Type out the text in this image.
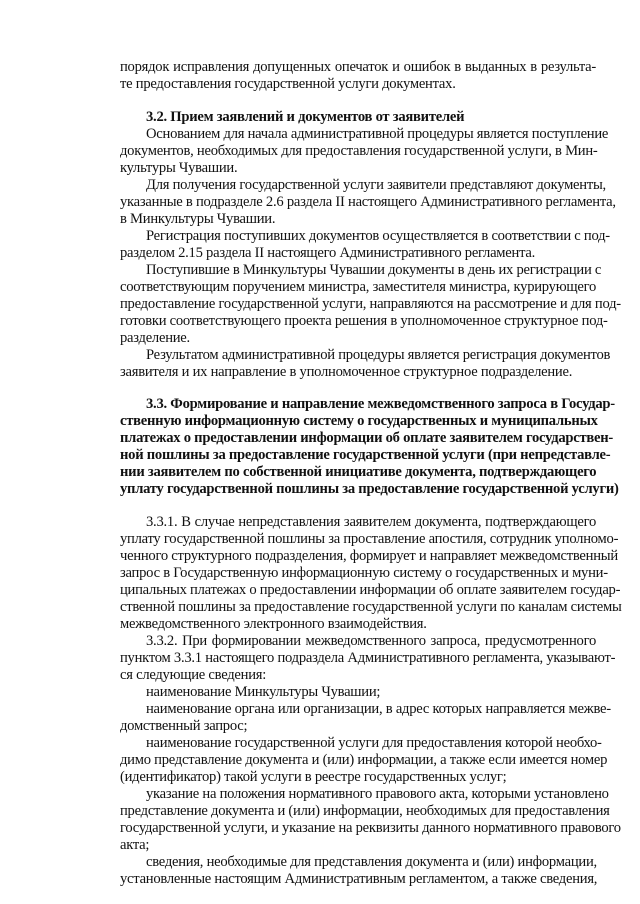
порядок исправления допущенных опечаток и ошибок в выданных в результа-
те предоставления государственной услуги документах.
3.2. Прием заявлений и документов от заявителей
Основанием для начала административной процедуры является поступление
документов, необходимых для предоставления государственной услуги, в Мин-
культуры Чувашии.
Для получения государственной услуги заявители представляют документы,
указанные в подразделе 2.6 раздела II настоящего Административного регламента,
в Минкультуры Чувашии.
Регистрация поступивших документов осуществляется в соответствии с под-
разделом 2.15 раздела II настоящего Административного регламента.
Поступившие в Минкультуры Чувашии документы в день их регистрации с
соответствующим поручением министра, заместителя министра, курирующего
предоставление государственной услуги, направляются на рассмотрение и для под-
готовки соответствующего проекта решения в уполномоченное структурное под-
разделение.
Результатом административной процедуры является регистрация документов
заявителя и их направление в уполномоченное структурное подразделение.
3.3. Формирование и направление межведомственного запроса в Государ-
ственную информационную систему о государственных и муниципальных
платежах о предоставлении информации об оплате заявителем государствен-
ной пошлины за предоставление государственной услуги (при непредставле-
нии заявителем по собственной инициативе документа, подтверждающего
уплату государственной пошлины за предоставление государственной услуги)
3.3.1. В случае непредставления заявителем документа, подтверждающего
уплату государственной пошлины за проставление апостиля, сотрудник уполномо-
ченного структурного подразделения, формирует и направляет межведомственный
запрос в Государственную информационную систему о государственных и муни-
ципальных платежах о предоставлении информации об оплате заявителем государ-
ственной пошлины за предоставление государственной услуги по каналам системы
межведомственного электронного взаимодействия.
3.3.2. При формировании межведомственного запроса, предусмотренного
пунктом 3.3.1 настоящего подраздела Административного регламента, указывают-
ся следующие сведения:
наименование Минкультуры Чувашии;
наименование органа или организации, в адрес которых направляется межве-
домственный запрос;
наименование государственной услуги для предоставления которой необхо-
димо представление документа и (или) информации, а также если имеется номер
(идентификатор) такой услуги в реестре государственных услуг;
указание на положения нормативного правового акта, которыми установлено
представление документа и (или) информации, необходимых для предоставления
государственной услуги, и указание на реквизиты данного нормативного правового
акта;
сведения, необходимые для представления документа и (или) информации,
установленные настоящим Административным регламентом, а также сведения,
